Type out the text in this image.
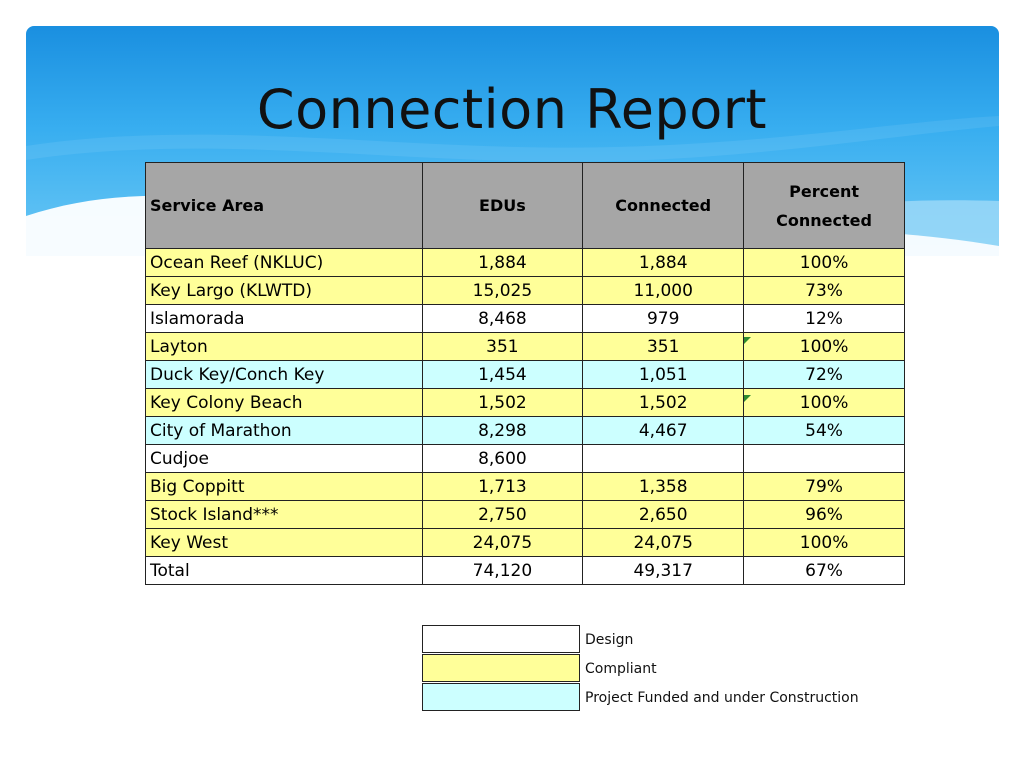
Connection Report
Service Area	EDUs	Connected	Percent
Connected
Ocean Reef (NKLUC)	1,884	1,884	100%
Key Largo (KLWTD)	15,025	11,000	73%
Islamorada	8,468	979	12%
Layton	351	351	100%
Duck Key/Conch Key	1,454	1,051	72%
Key Colony Beach	1,502	1,502	100%
City of Marathon	8,298	4,467	54%
Cudjoe	8,600		
Big Coppitt	1,713	1,358	79%
Stock Island***	2,750	2,650	96%
Key West	24,075	24,075	100%
Total	74,120	49,317	67%
Design
Compliant
Project Funded and under Construction
